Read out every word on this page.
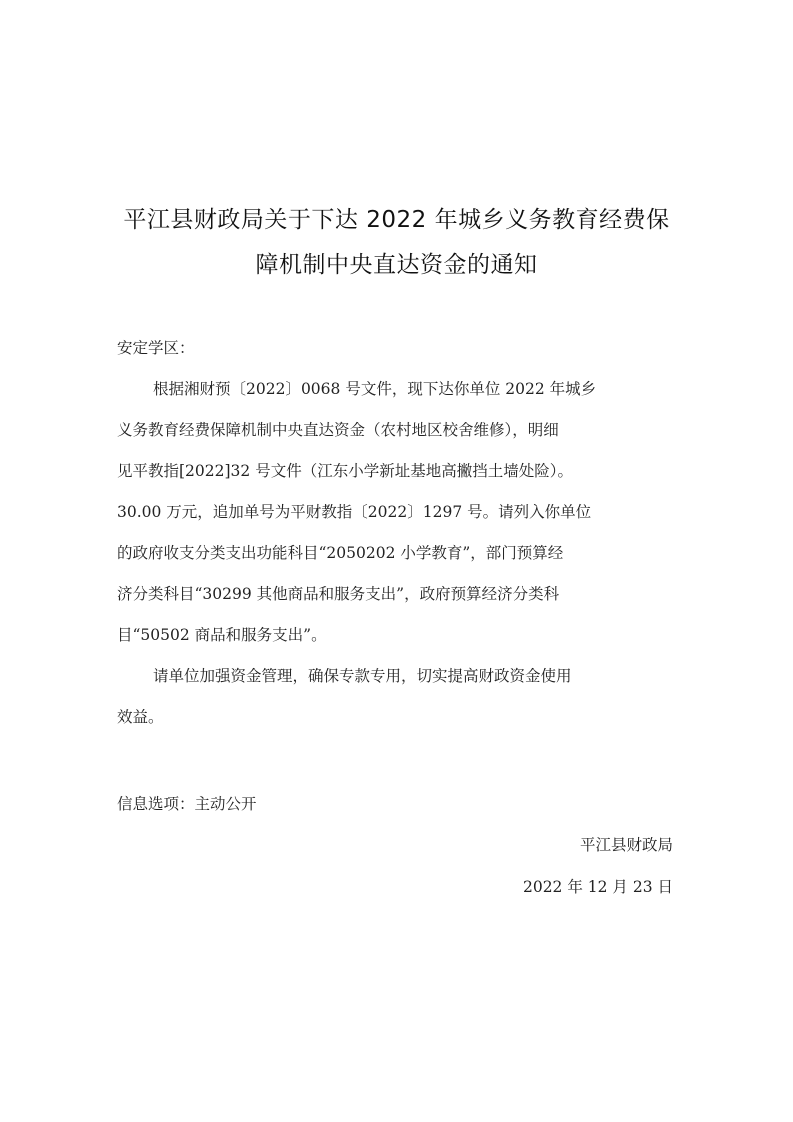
平江县财政局关于下达 2022 年城乡义务教育经费保
障机制中央直达资金的通知
安定学区：
根据湘财预〔2022〕0068 号文件，现下达你单位 2022 年城乡
义务教育经费保障机制中央直达资金（农村地区校舍维修），明细
见平教指[2022]32 号文件（江东小学新址基地高撇挡土墙处险）。
30.00 万元，追加单号为平财教指〔2022〕1297 号。请列入你单位
的政府收支分类支出功能科目“2050202 小学教育”，部门预算经
济分类科目“30299 其他商品和服务支出”，政府预算经济分类科
目“50502 商品和服务支出”。
请单位加强资金管理，确保专款专用，切实提高财政资金使用
效益。
信息选项：主动公开
平江县财政局
2022 年 12 月 23 日
